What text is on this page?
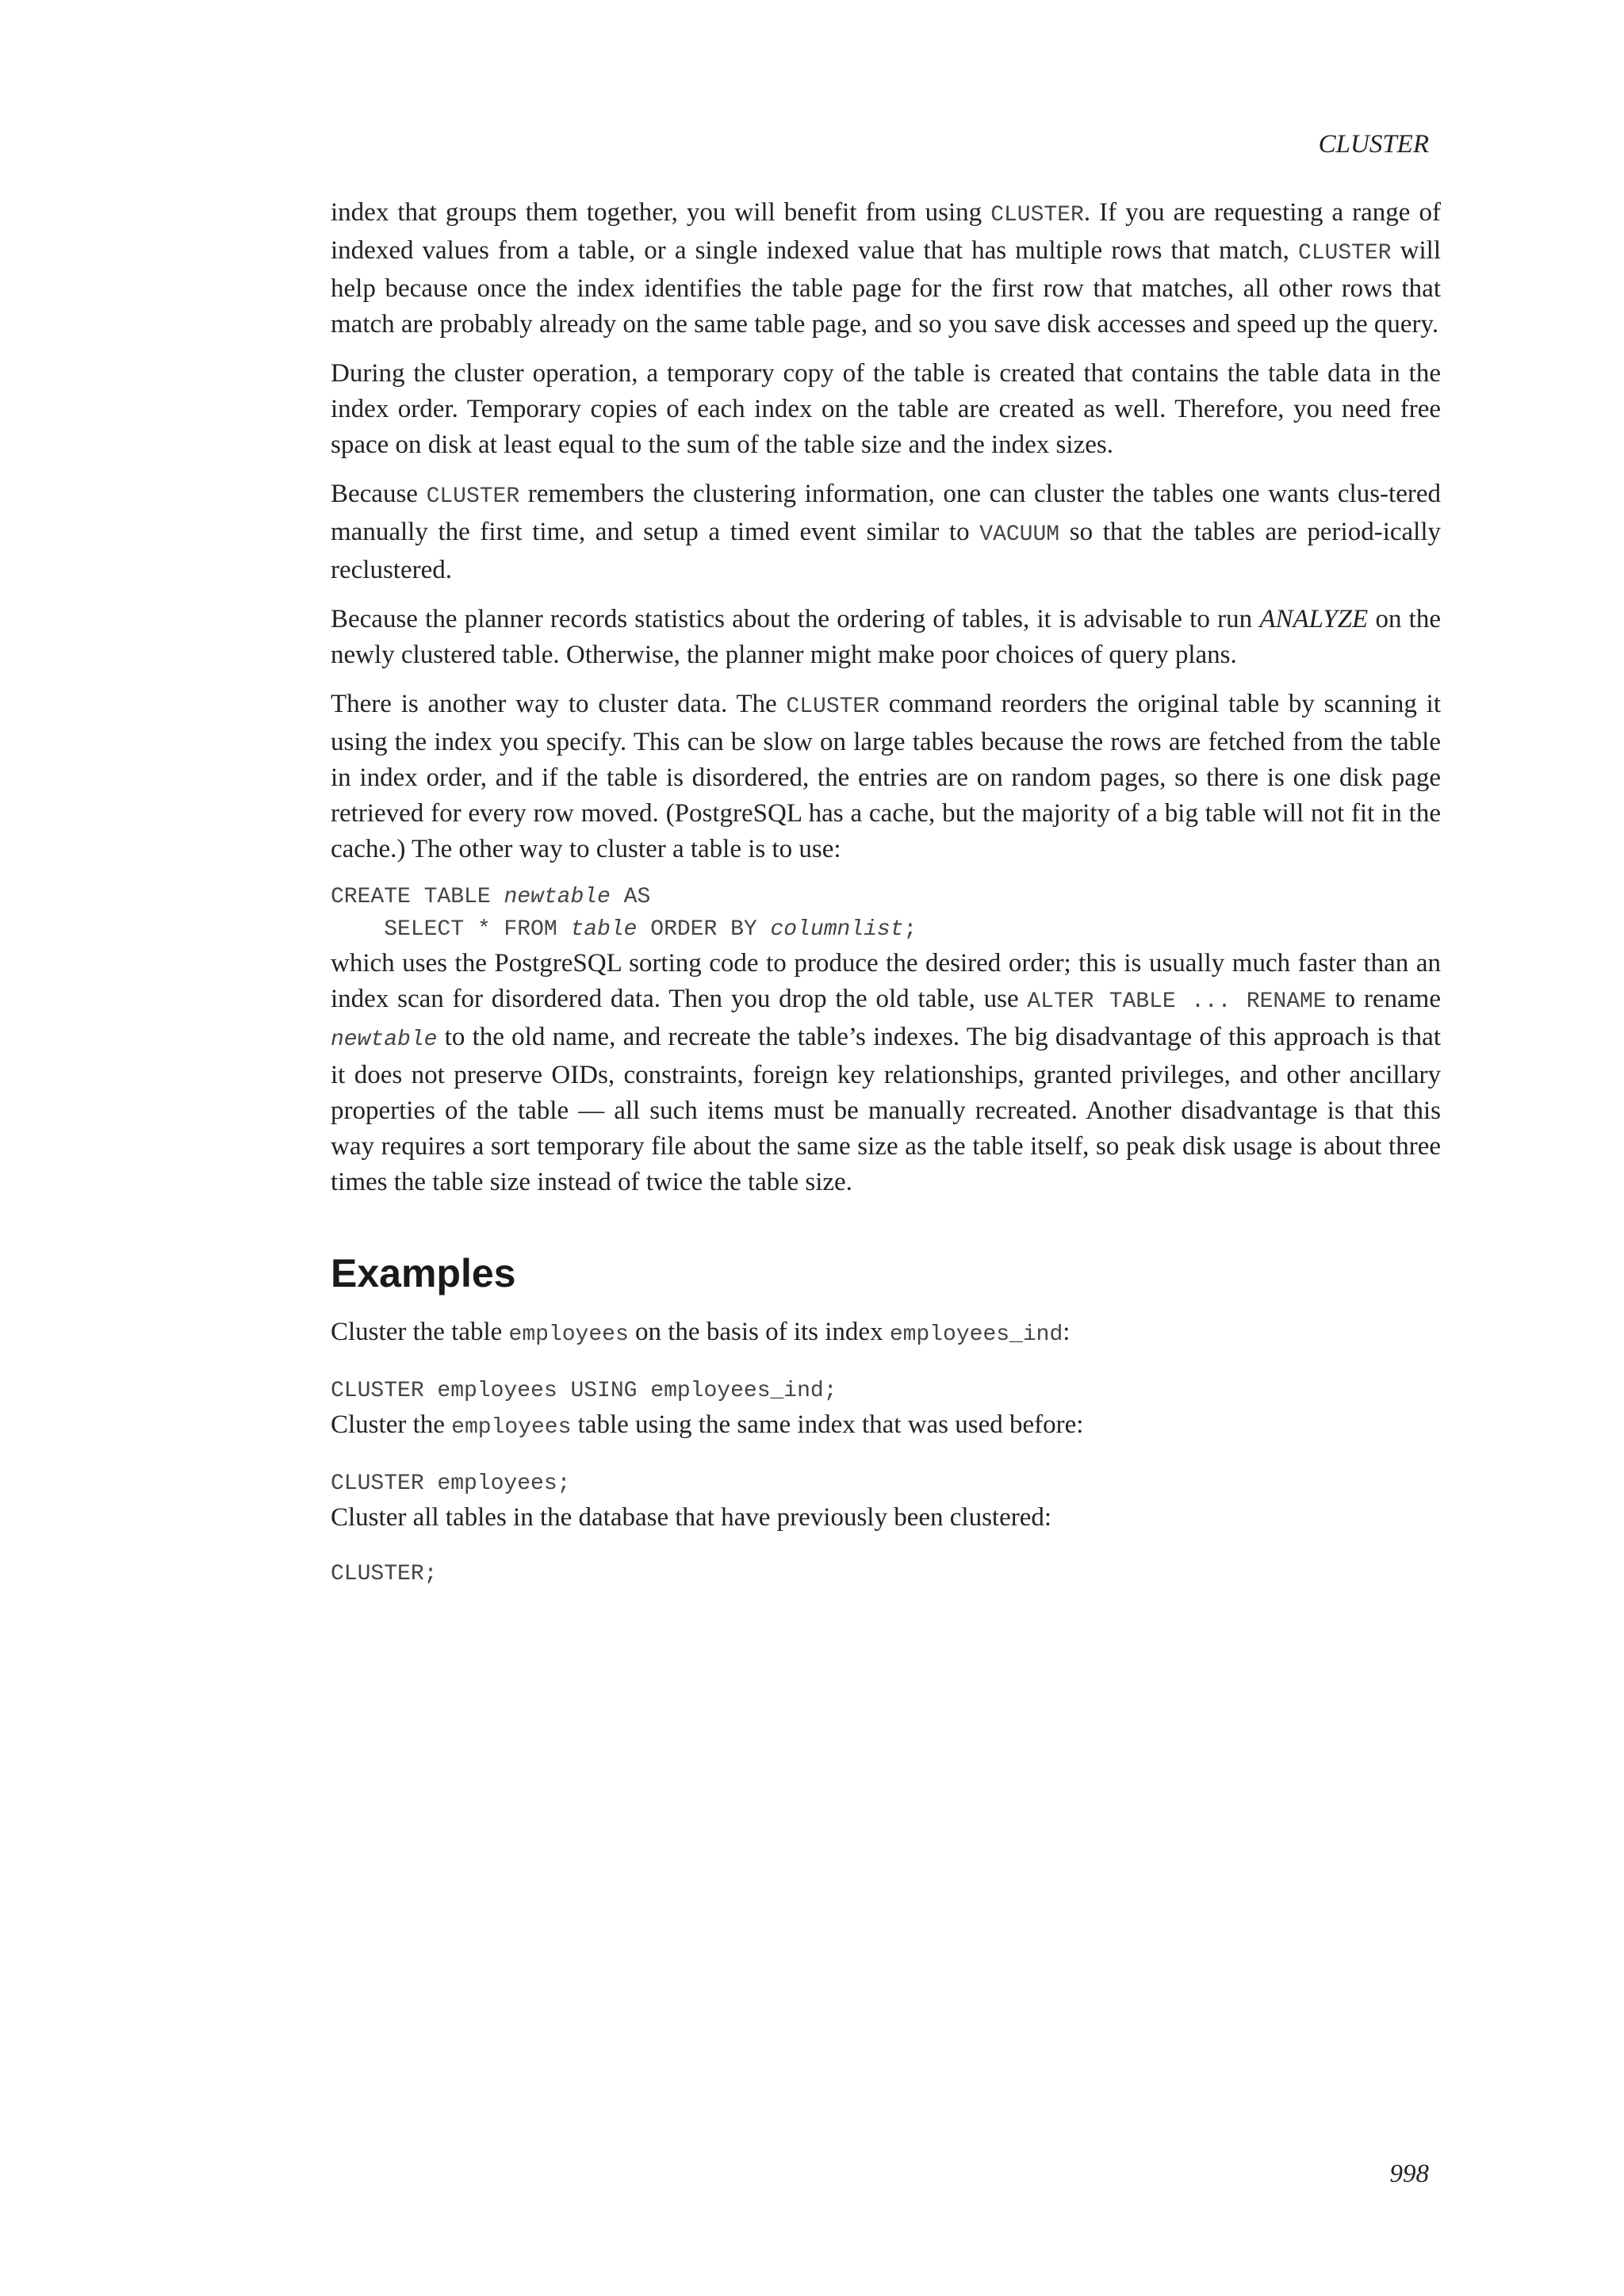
CLUSTER

index that groups them together, you will benefit from using CLUSTER. If you are requesting a range of indexed values from a table, or a single indexed value that has multiple rows that match, CLUSTER will help because once the index identifies the table page for the first row that matches, all other rows that match are probably already on the same table page, and so you save disk accesses and speed up the query.

During the cluster operation, a temporary copy of the table is created that contains the table data in the index order. Temporary copies of each index on the table are created as well. Therefore, you need free space on disk at least equal to the sum of the table size and the index sizes.

Because CLUSTER remembers the clustering information, one can cluster the tables one wants clus-tered manually the first time, and setup a timed event similar to VACUUM so that the tables are period-ically reclustered.

Because the planner records statistics about the ordering of tables, it is advisable to run ANALYZE on the newly clustered table. Otherwise, the planner might make poor choices of query plans.

There is another way to cluster data. The CLUSTER command reorders the original table by scanning it using the index you specify. This can be slow on large tables because the rows are fetched from the table in index order, and if the table is disordered, the entries are on random pages, so there is one disk page retrieved for every row moved. (PostgreSQL has a cache, but the majority of a big table will not fit in the cache.) The other way to cluster a table is to use:

CREATE TABLE newtable AS
SELECT * FROM table ORDER BY columnlist;

which uses the PostgreSQL sorting code to produce the desired order; this is usually much faster than an index scan for disordered data. Then you drop the old table, use ALTER TABLE ... RENAME to rename newtable to the old name, and recreate the table’s indexes. The big disadvantage of this approach is that it does not preserve OIDs, constraints, foreign key relationships, granted privileges, and other ancillary properties of the table — all such items must be manually recreated. Another disadvantage is that this way requires a sort temporary file about the same size as the table itself, so peak disk usage is about three times the table size instead of twice the table size.

Examples

Cluster the table employees on the basis of its index employees_ind:

CLUSTER employees USING employees_ind;

Cluster the employees table using the same index that was used before:

CLUSTER employees;

Cluster all tables in the database that have previously been clustered:

CLUSTER;
998
